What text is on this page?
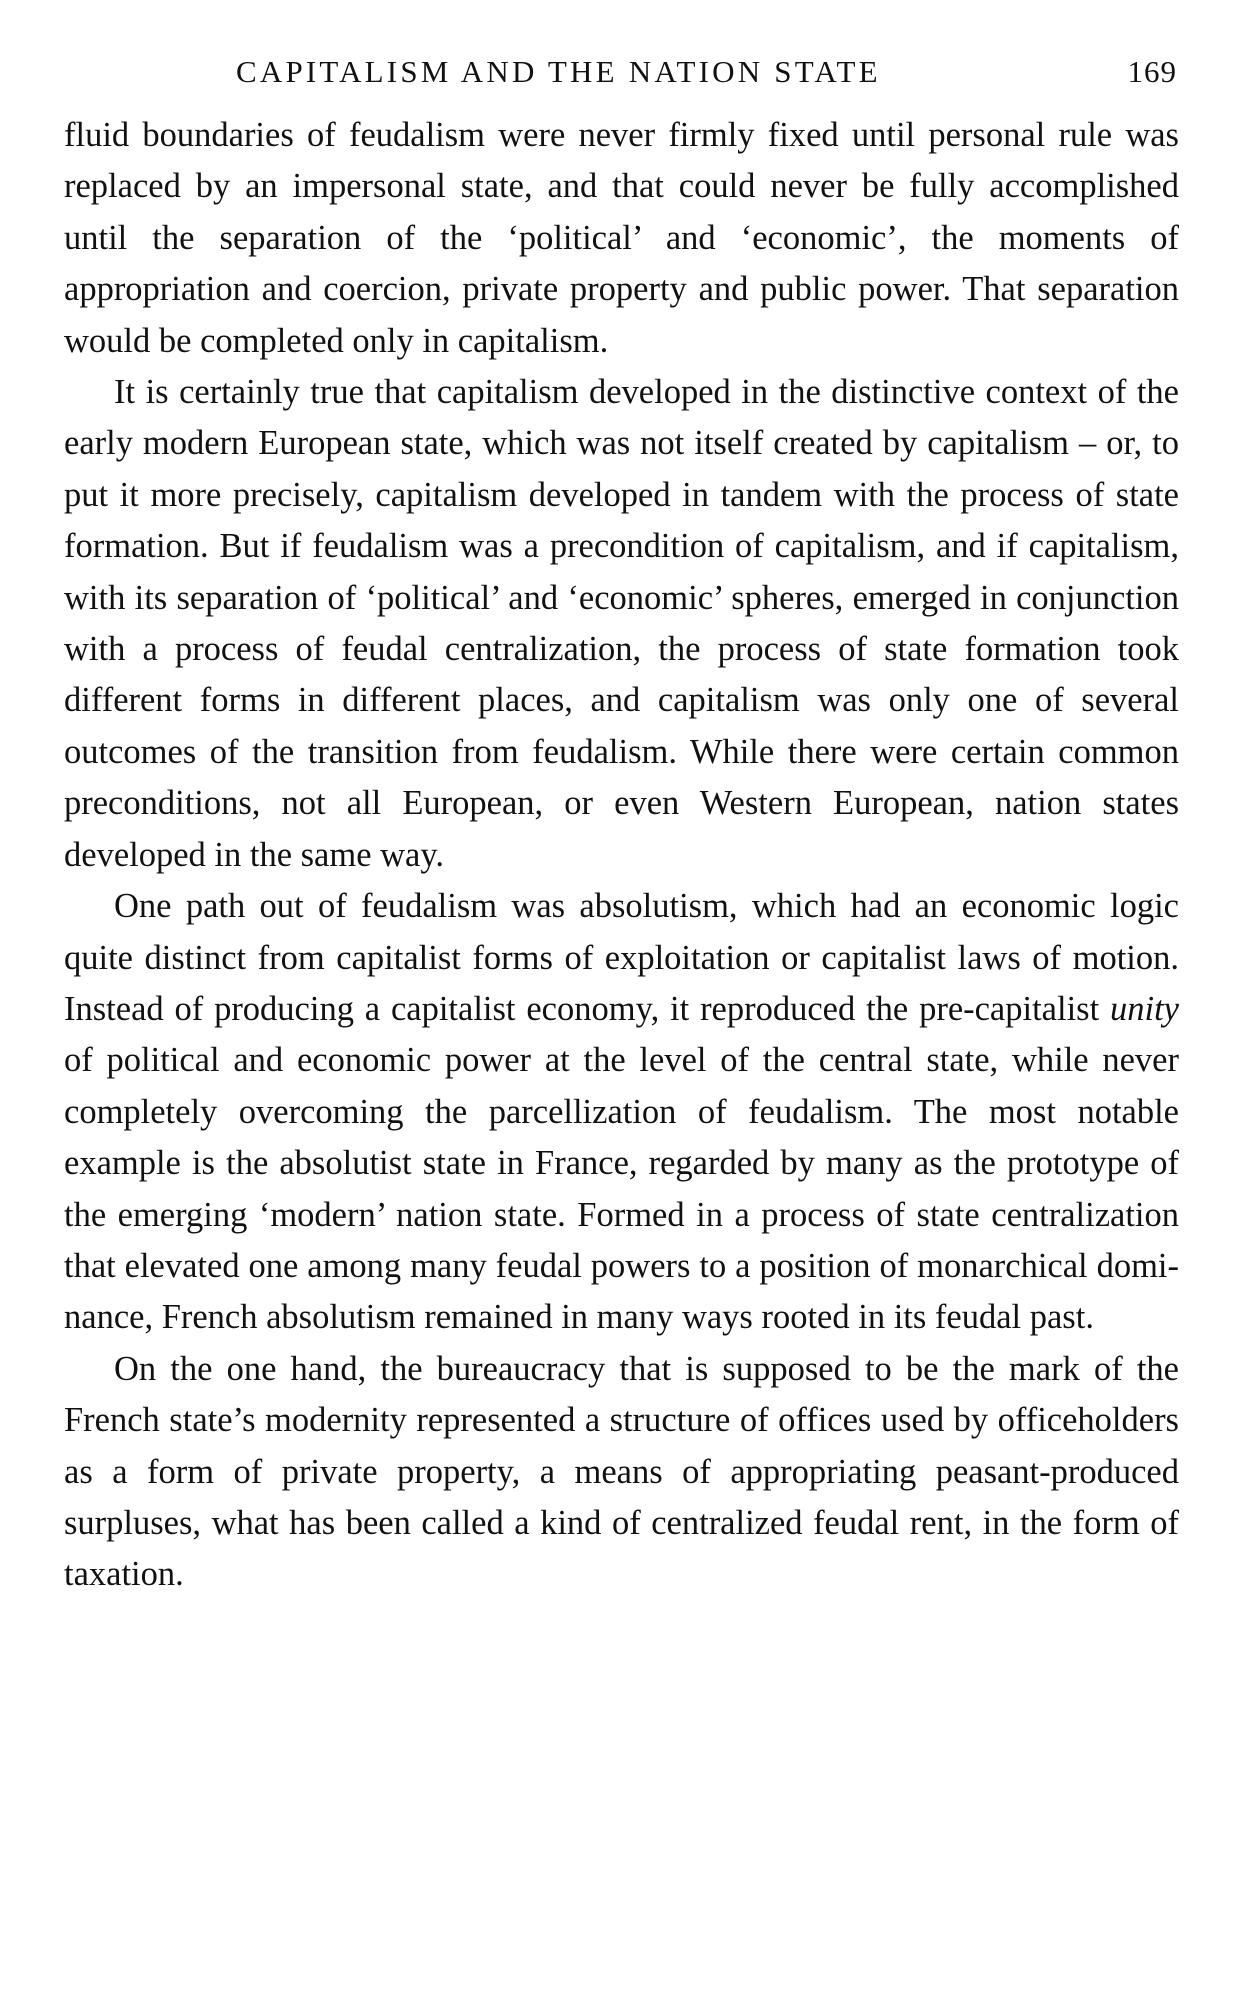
CAPITALISM AND THE NATION STATE	169

fluid boundaries of feudalism were never firmly fixed until personal rule was replaced by an impersonal state, and that could never be fully accomplished until the separation of the ‘political’ and ‘economic’, the moments of appropriation and coercion, private property and public power. That separation would be completed only in capitalism.

It is certainly true that capitalism developed in the distinctive context of the early modern European state, which was not itself created by capitalism – or, to put it more precisely, capitalism developed in tandem with the process of state formation. But if feudalism was a precondition of capitalism, and if capitalism, with its separation of ‘political’ and ‘economic’ spheres, emerged in conjunction with a process of feudal centralization, the process of state formation took different forms in different places, and capitalism was only one of several outcomes of the transition from feudalism. While there were certain common preconditions, not all European, or even Western European, nation states developed in the same way.

One path out of feudalism was absolutism, which had an economic logic quite distinct from capitalist forms of exploitation or capitalist laws of motion. Instead of producing a capitalist economy, it reproduced the pre-capitalist unity of political and economic power at the level of the central state, while never completely overcoming the parcellization of feudalism. The most notable example is the absolutist state in France, regarded by many as the prototype of the emerging ‘modern’ nation state. Formed in a process of state centralization that elevated one among many feudal powers to a position of monarchical dominance, French absolutism remained in many ways rooted in its feudal past.

On the one hand, the bureaucracy that is supposed to be the mark of the French state’s modernity represented a structure of offices used by officeholders as a form of private property, a means of appropriating peasant-produced surpluses, what has been called a kind of centralized feudal rent, in the form of taxation.
